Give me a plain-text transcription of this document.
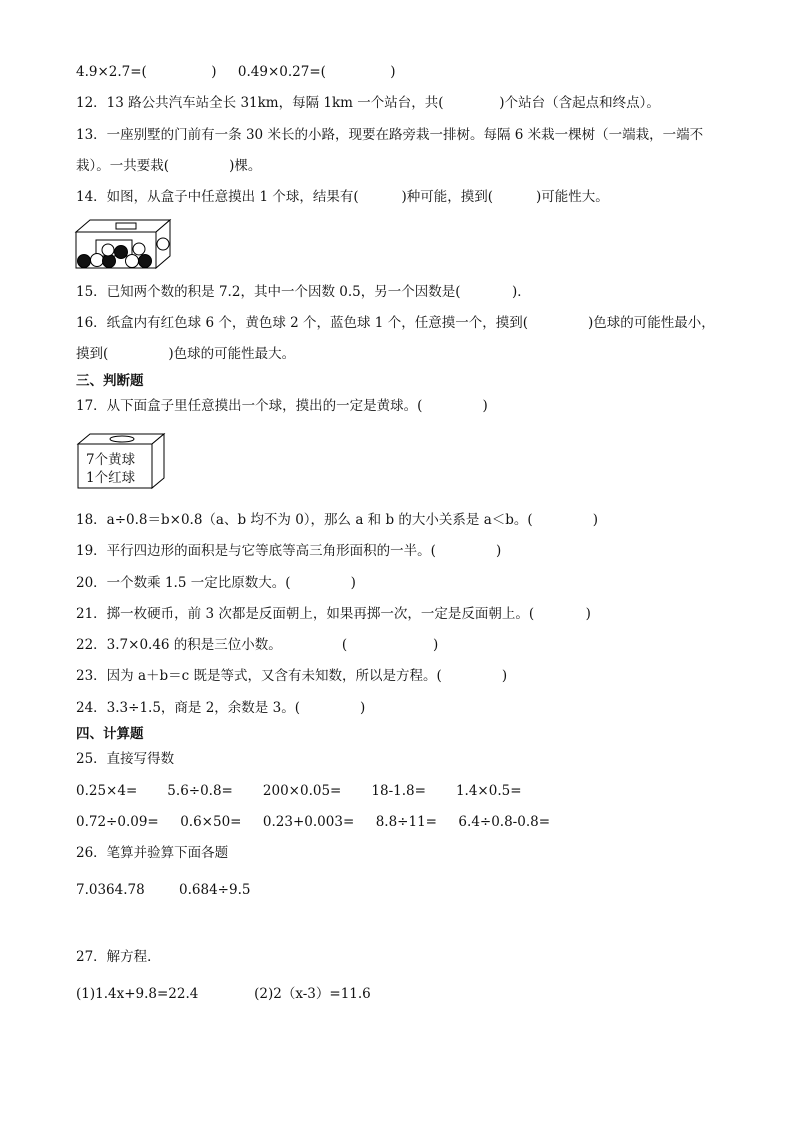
4.9×2.7=(               )     0.49×0.27=(               )
12．13 路公共汽车站全长 31km，每隔 1km 一个站台，共(             )个站台（含起点和终点）。
13．一座别墅的门前有一条 30 米长的小路，现要在路旁栽一排树。每隔 6 米栽一棵树（一端栽，一端不
栽）。一共要栽(              )棵。
14．如图，从盒子中任意摸出 1 个球，结果有(          )种可能，摸到(          )可能性大。
15．已知两个数的积是 7.2，其中一个因数 0.5，另一个因数是(            )．
16．纸盒内有红色球 6 个，黄色球 2 个，蓝色球 1 个，任意摸一个，摸到(              )色球的可能性最小，
摸到(              )色球的可能性最大。
三、判断题
17．从下面盒子里任意摸出一个球，摸出的一定是黄球。(              )
7个黄球
1个红球
18．a÷0.8＝b×0.8（a、b 均不为 0），那么 a 和 b 的大小关系是 a＜b。(              )
19．平行四边形的面积是与它等底等高三角形面积的一半。(              )
20．一个数乘 1.5 一定比原数大。(              )
21．掷一枚硬币，前 3 次都是反面朝上，如果再掷一次，一定是反面朝上。(            )
22．3.7×0.46 的积是三位小数。              (                    )
23．因为 a＋b＝c 既是等式，又含有未知数，所以是方程。(              )
24．3.3÷1.5，商是 2，余数是 3。(              )
四、计算题
25．直接写得数
0.25×4=       5.6÷0.8=       200×0.05=       18-1.8=       1.4×0.5=
0.72÷0.09=     0.6×50=     0.23+0.003=     8.8÷11=     6.4÷0.8-0.8=
26．笔算并验算下面各题
7.0364.78        0.684÷9.5
27．解方程．
(1)1.4x+9.8=22.4             (2)2（x-3）=11.6
